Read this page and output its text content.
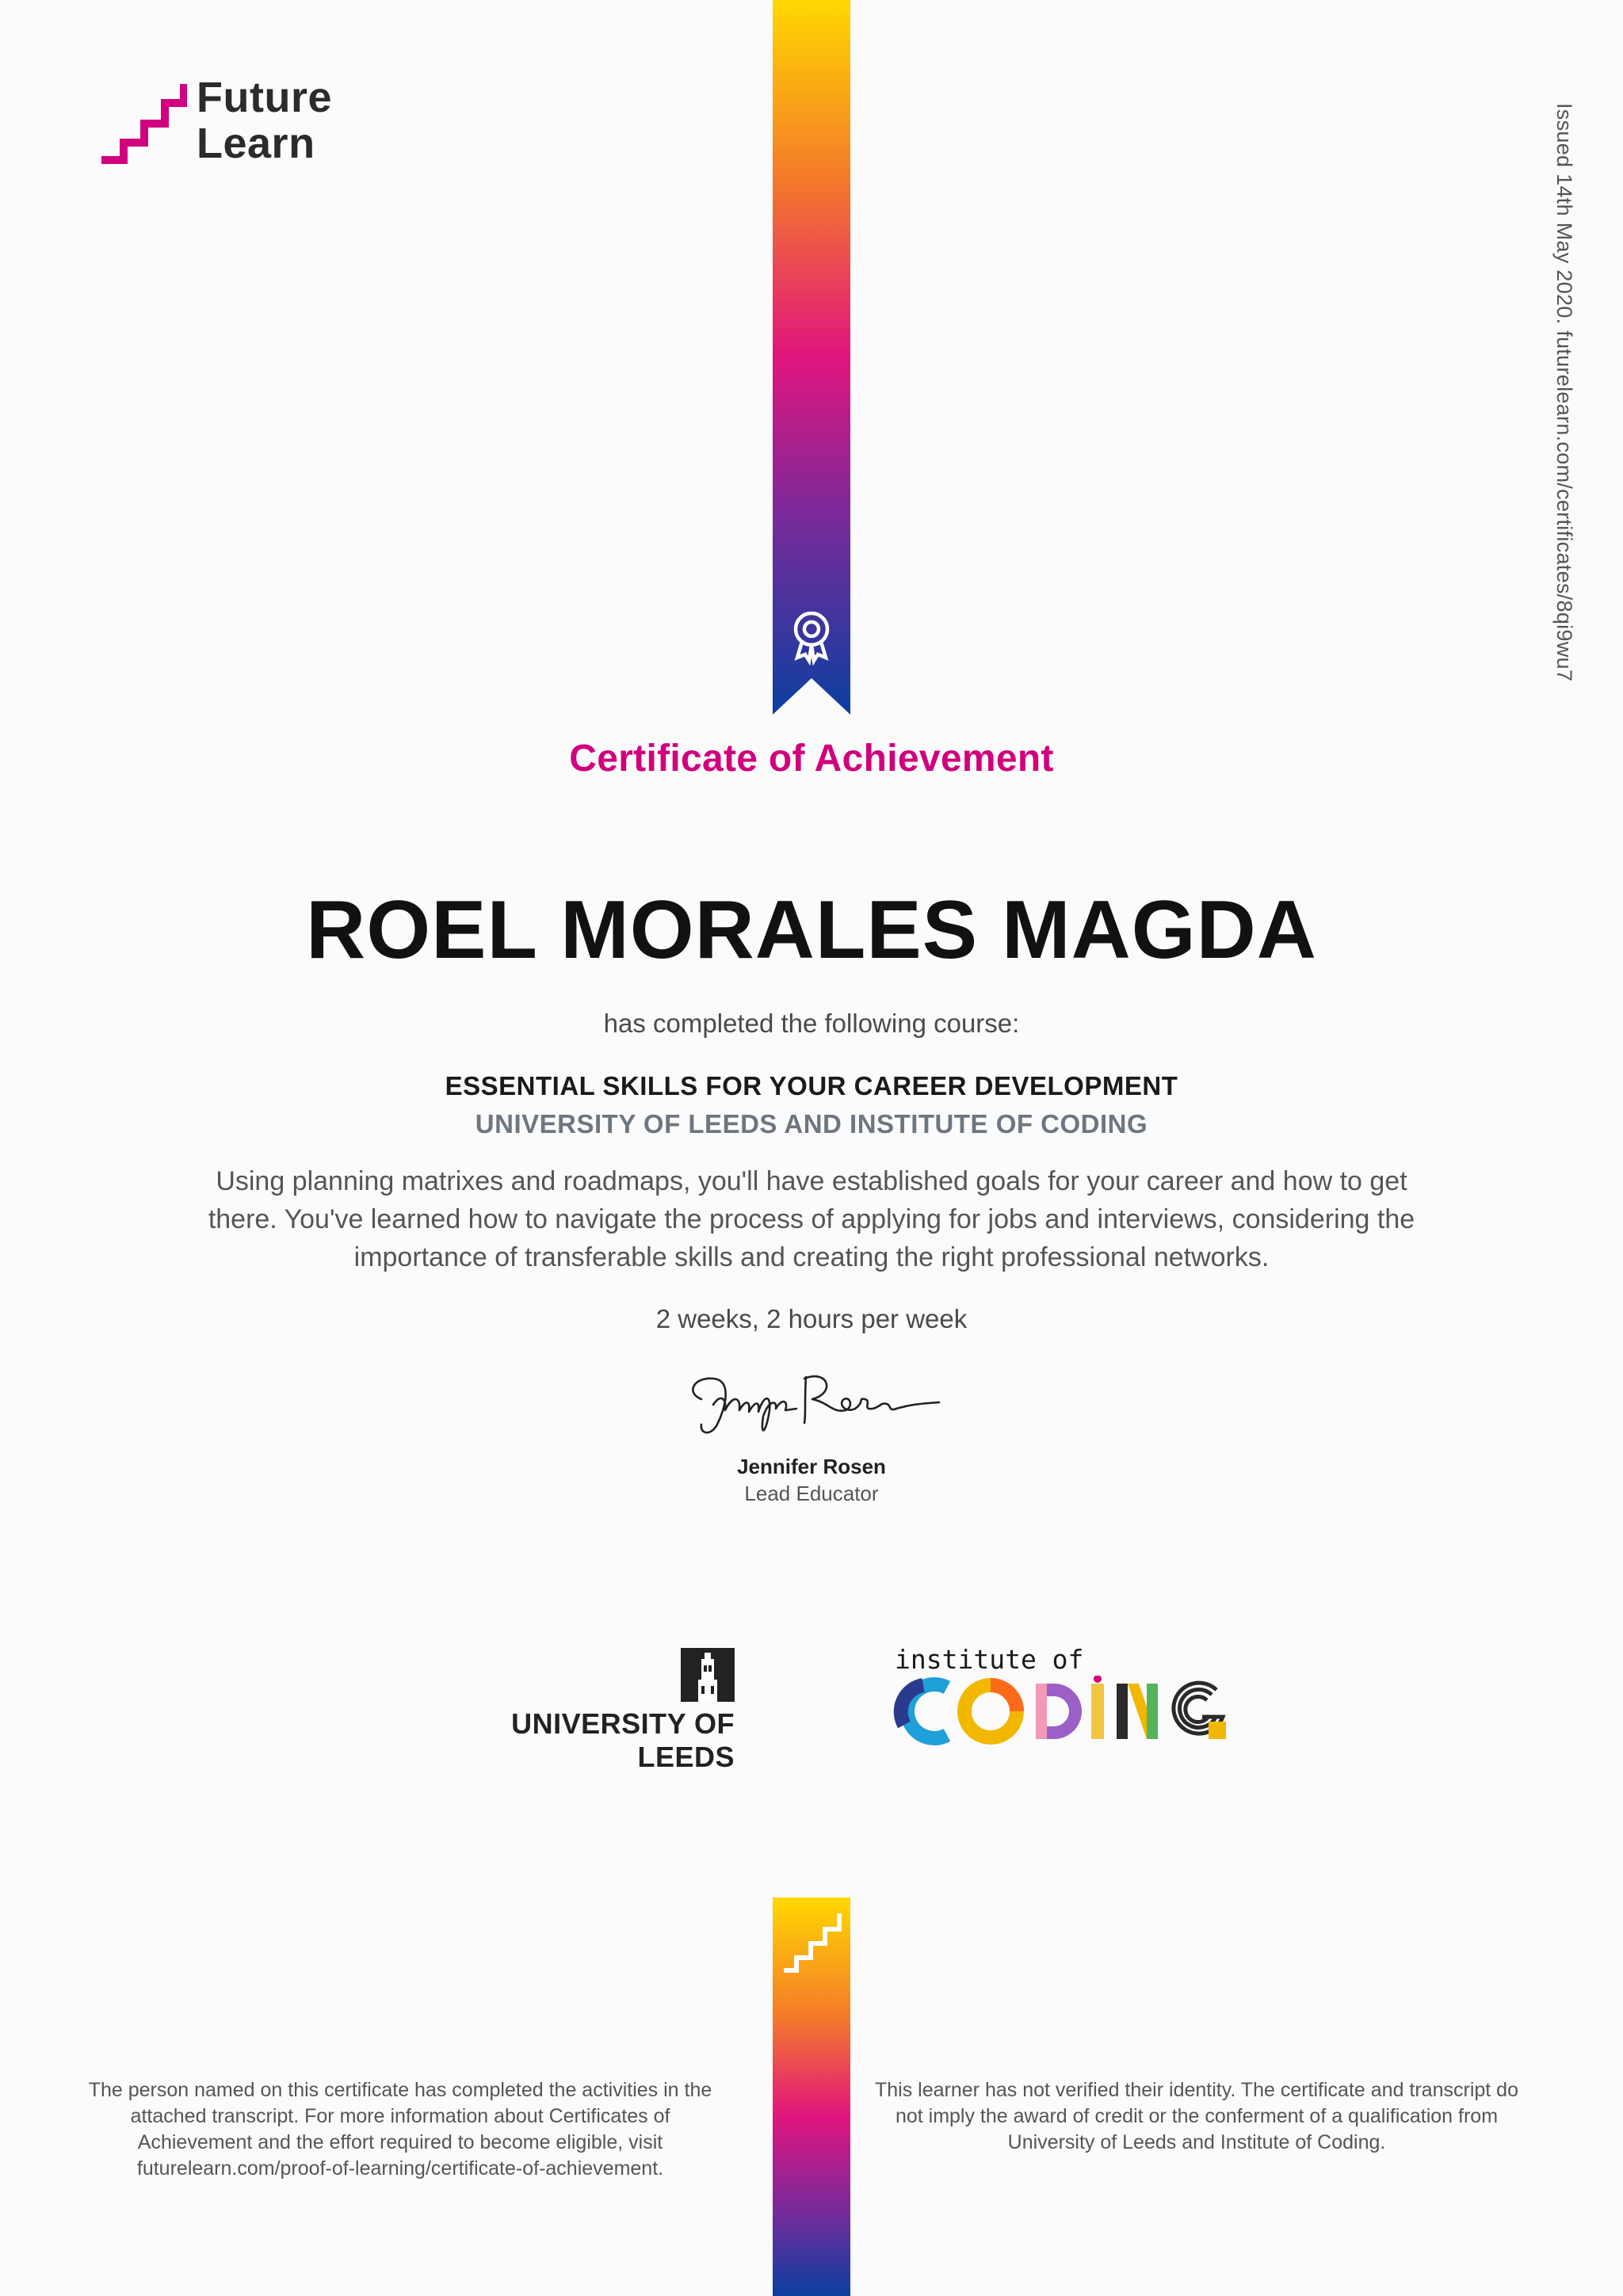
Future
Learn	Issued 14th May 2020. futurelearn.com/certificates/8qi9wu7
Certificate of Achievement
ROEL MORALES MAGDA
has completed the following course:
ESSENTIAL SKILLS FOR YOUR CAREER DEVELOPMENT
UNIVERSITY OF LEEDS AND INSTITUTE OF CODING
Using planning matrixes and roadmaps, you'll have established goals for your career and how to get there. You've learned how to navigate the process of applying for jobs and interviews, considering the importance of transferable skills and creating the right professional networks.
2 weeks, 2 hours per week
Jennifer Rosen
Lead Educator
UNIVERSITY OF LEEDS
institute of
The person named on this certificate has completed the activities in the attached transcript. For more information about Certificates of Achievement and the effort required to become eligible, visit futurelearn.com/proof-of-learning/certificate-of-achievement.
This learner has not verified their identity. The certificate and transcript do not imply the award of credit or the conferment of a qualification from University of Leeds and Institute of Coding.
